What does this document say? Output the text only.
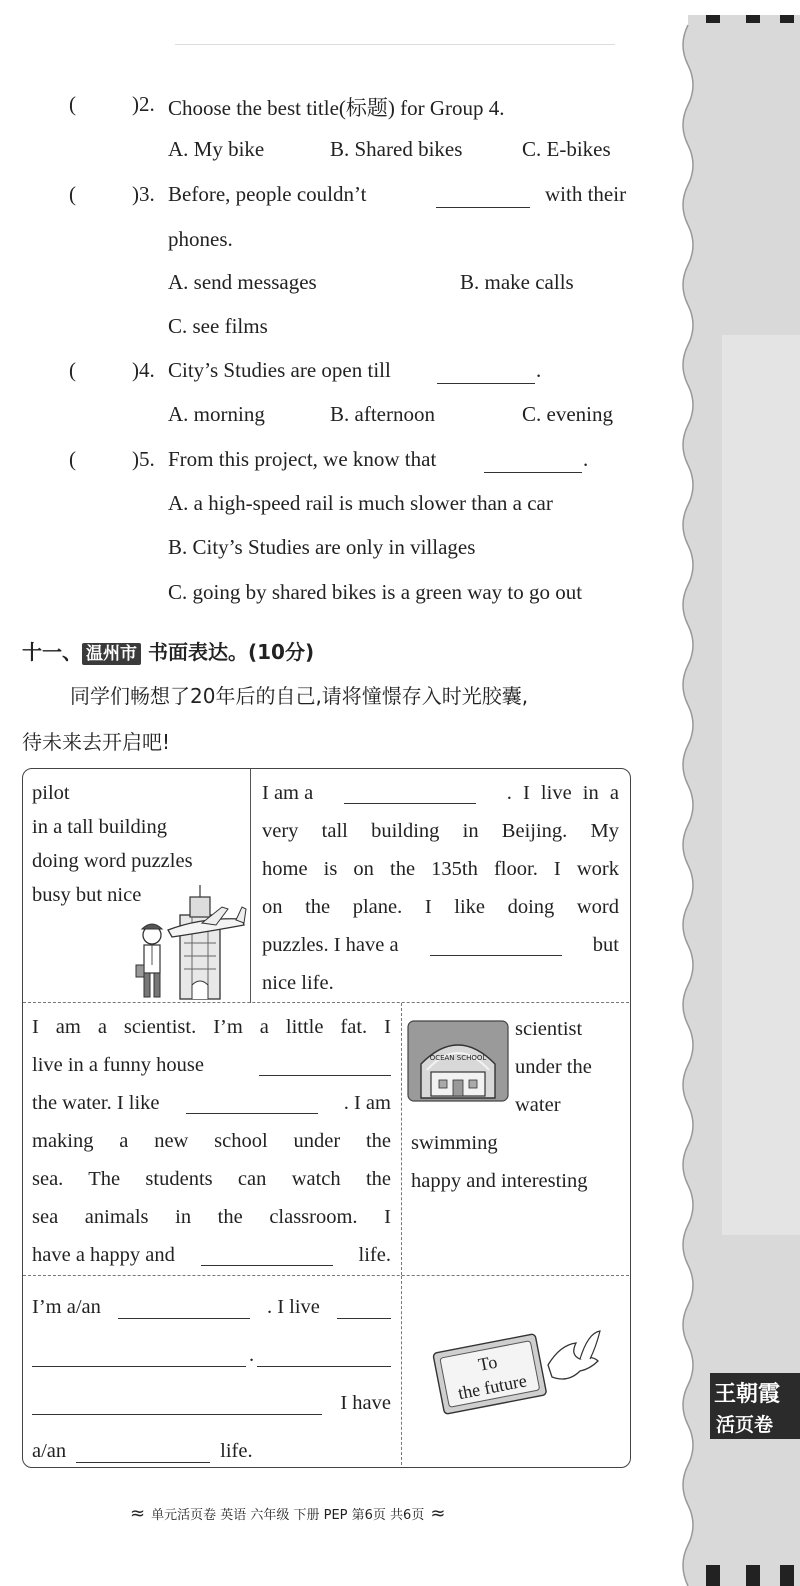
(	)2. Choose the best title(标题) for Group 4.
A. My bike	B. Shared bikes	C. E-bikes
(	)3. Before, people couldn’t	with their
phones.
A. send messages	B. make calls
C. see films
(	)4. City’s Studies are open till	.
A. morning	B. afternoon	C. evening
(	)5. From this project, we know that	.
A. a high-speed rail is much slower than a car
B. City’s Studies are only in villages
C. going by shared bikes is a green way to go out
十一、 温州市 书面表达。(10分)
同学们畅想了20年后的自己,请将憧憬存入时光胶囊,
待未来去开启吧!
pilot
in a tall building
doing word puzzles
busy but nice
I am a	. I live in a
very tall building in Beijing. My
home is on the 135th floor. I work
on the plane. I like doing word
puzzles. I have a	but
nice life.
I am a scientist. I’m a little fat. I
live in a funny house
the water. I like	. I am
making a new school under the
sea. The students can watch the
sea animals in the classroom. I
have a happy and	life.
OCEAN SCHOOL
scientist
under the
water
swimming
happy and interesting
I’m a/an	. I live
.
I have
a/an	life.
To
the future	王朝霞
活页卷
≈ 单元活页卷 英语 六年级 下册 PEP 第6页 共6页 ≈
